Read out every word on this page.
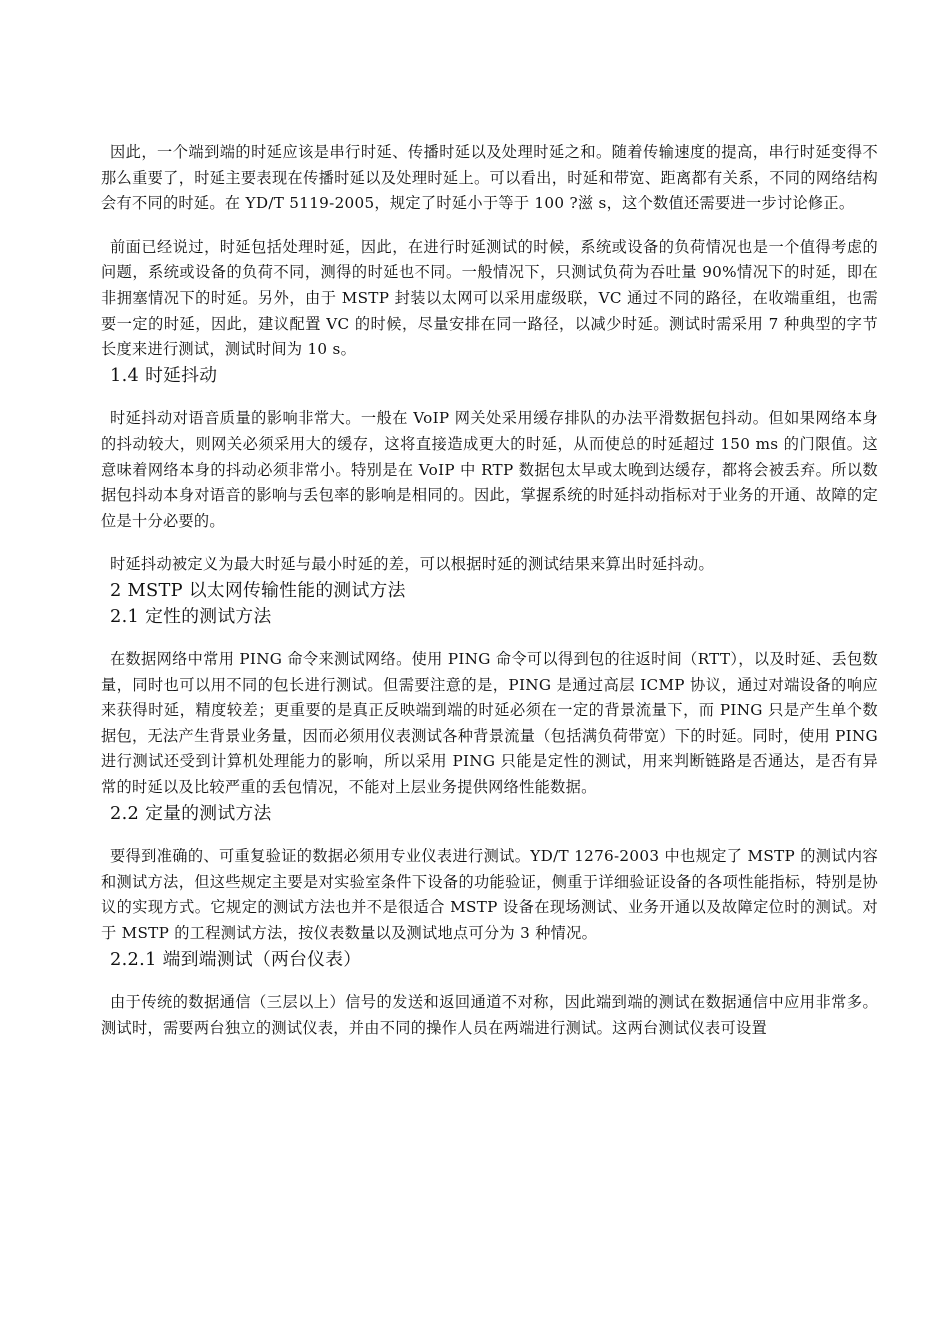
因此，一个端到端的时延应该是串行时延、传播时延以及处理时延之和。随着传输速度的提高，串行时延变得不那么重要了，时延主要表现在传播时延以及处理时延上。可以看出，时延和带宽、距离都有关系，不同的网络结构会有不同的时延。在 YD/T 5119-2005，规定了时延小于等于 100 ?滋 s，这个数值还需要进一步讨论修正。

前面已经说过，时延包括处理时延，因此，在进行时延测试的时候，系统或设备的负荷情况也是一个值得考虑的问题，系统或设备的负荷不同，测得的时延也不同。一般情况下，只测试负荷为吞吐量 90%情况下的时延，即在非拥塞情况下的时延。另外，由于 MSTP 封装以太网可以采用虚级联，VC 通过不同的路径，在收端重组，也需要一定的时延，因此，建议配置 VC 的时候，尽量安排在同一路径，以减少时延。测试时需采用 7 种典型的字节长度来进行测试，测试时间为 10 s。

1.4 时延抖动

时延抖动对语音质量的影响非常大。一般在 VoIP 网关处采用缓存排队的办法平滑数据包抖动。但如果网络本身的抖动较大，则网关必须采用大的缓存，这将直接造成更大的时延，从而使总的时延超过 150 ms 的门限值。这意味着网络本身的抖动必须非常小。特别是在 VoIP 中 RTP 数据包太早或太晚到达缓存，都将会被丢弃。所以数据包抖动本身对语音的影响与丢包率的影响是相同的。因此，掌握系统的时延抖动指标对于业务的开通、故障的定位是十分必要的。

时延抖动被定义为最大时延与最小时延的差，可以根据时延的测试结果来算出时延抖动。

2 MSTP 以太网传输性能的测试方法
2.1 定性的测试方法

在数据网络中常用 PING 命令来测试网络。使用 PING 命令可以得到包的往返时间（RTT），以及时延、丢包数量，同时也可以用不同的包长进行测试。但需要注意的是，PING 是通过高层 ICMP 协议，通过对端设备的响应来获得时延，精度较差；更重要的是真正反映端到端的时延必须在一定的背景流量下，而 PING 只是产生单个数据包，无法产生背景业务量，因而必须用仪表测试各种背景流量（包括满负荷带宽）下的时延。同时，使用 PING 进行测试还受到计算机处理能力的影响，所以采用 PING 只能是定性的测试，用来判断链路是否通达，是否有异常的时延以及比较严重的丢包情况，不能对上层业务提供网络性能数据。

2.2 定量的测试方法

要得到准确的、可重复验证的数据必须用专业仪表进行测试。YD/T 1276-2003 中也规定了 MSTP 的测试内容和测试方法，但这些规定主要是对实验室条件下设备的功能验证，侧重于详细验证设备的各项性能指标，特别是协议的实现方式。它规定的测试方法也并不是很适合 MSTP 设备在现场测试、业务开通以及故障定位时的测试。对于 MSTP 的工程测试方法，按仪表数量以及测试地点可分为 3 种情况。

2.2.1 端到端测试（两台仪表）

由于传统的数据通信（三层以上）信号的发送和返回通道不对称，因此端到端的测试在数据通信中应用非常多。测试时，需要两台独立的测试仪表，并由不同的操作人员在两端进行测试。这两台测试仪表可设置
